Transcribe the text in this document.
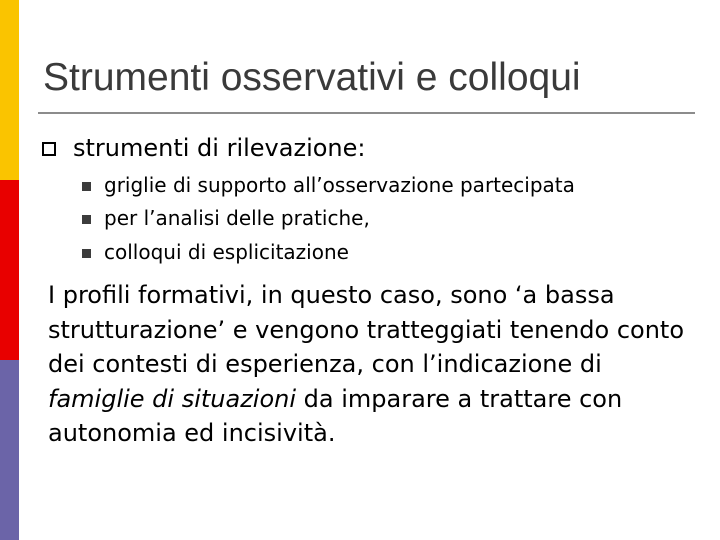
Strumenti osservativi e colloqui
strumenti di rilevazione:
griglie di supporto all’osservazione partecipata
per l’analisi delle pratiche,
colloqui di esplicitazione

I profili formativi, in questo caso, sono ‘a bassa strutturazione’ e vengono tratteggiati tenendo conto dei contesti di esperienza, con l’indicazione di famiglie di situazioni da imparare a trattare con autonomia ed incisività.
